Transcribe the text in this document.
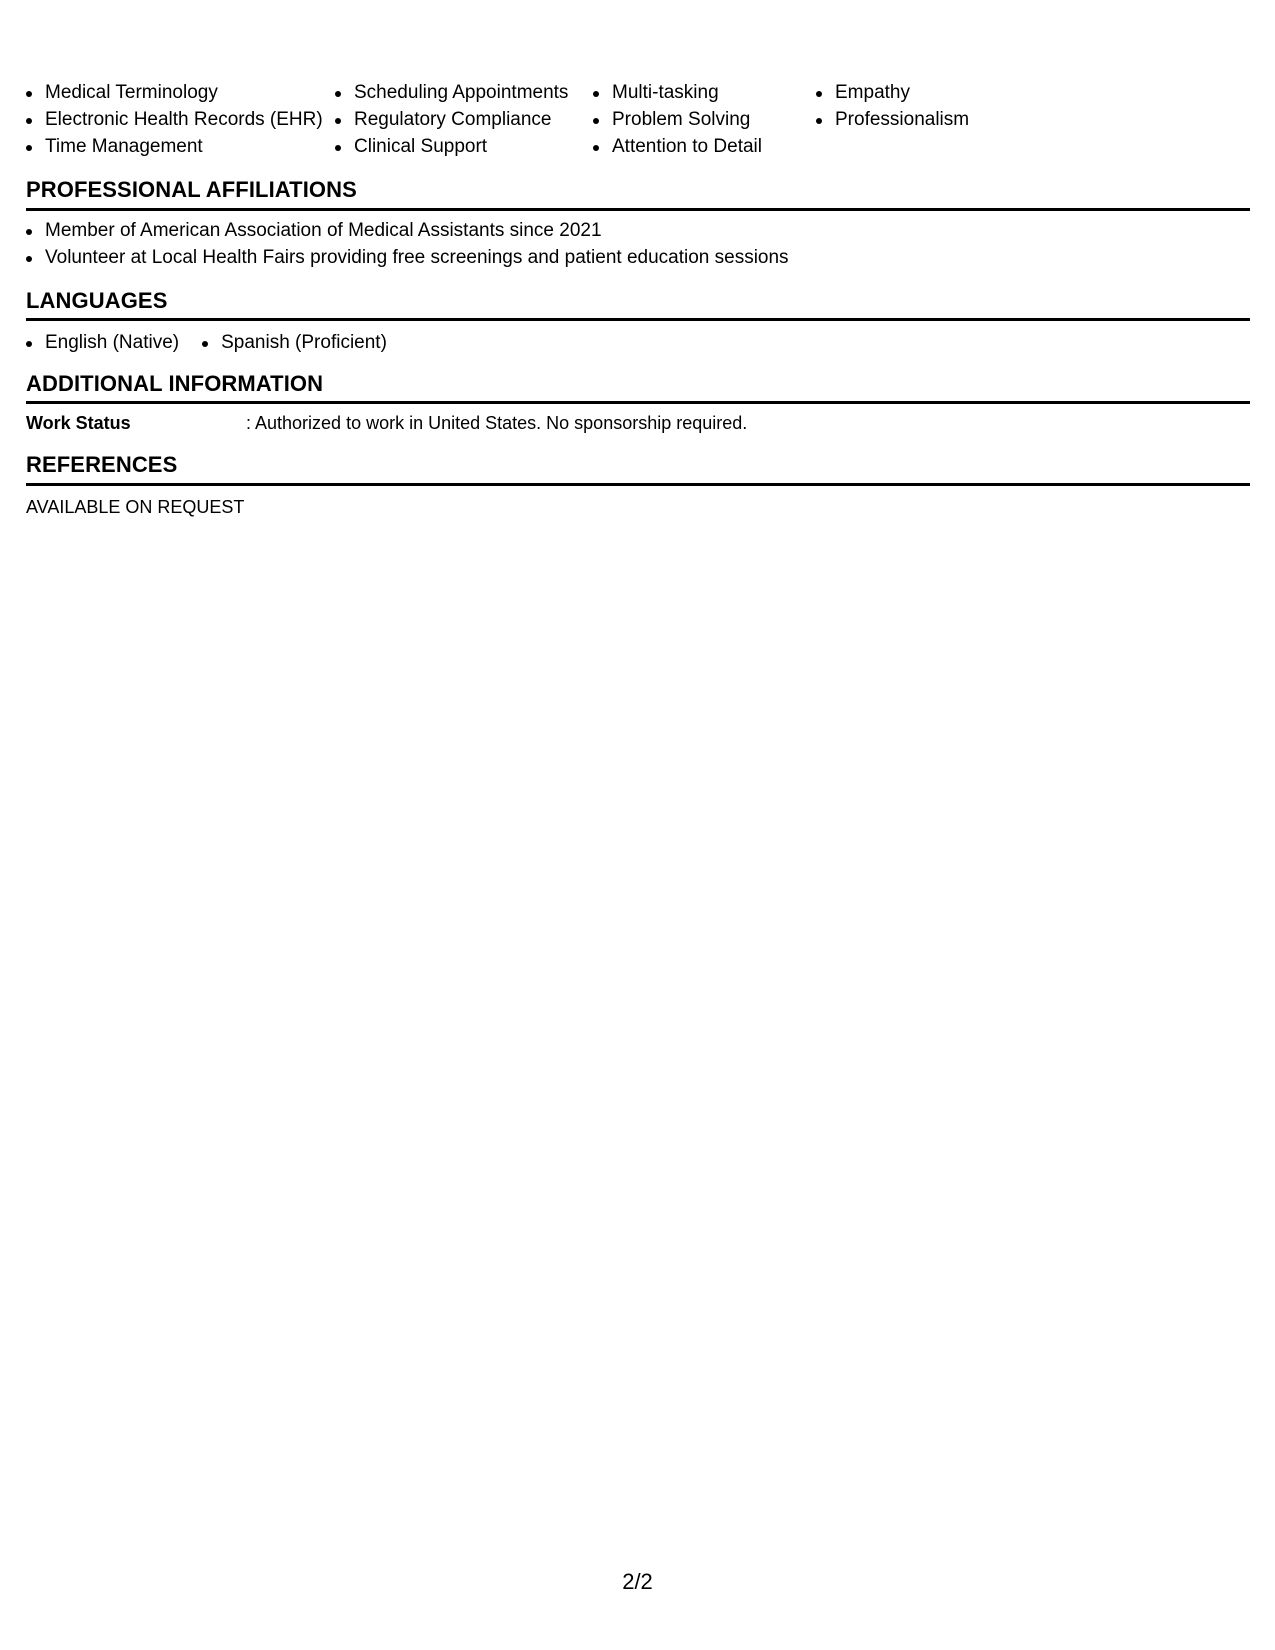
Medical Terminology
Electronic Health Records (EHR)
Time Management
Scheduling Appointments
Regulatory Compliance
Clinical Support
Multi-tasking
Problem Solving
Attention to Detail
Empathy
Professionalism
PROFESSIONAL AFFILIATIONS
Member of American Association of Medical Assistants since 2021
Volunteer at Local Health Fairs providing free screenings and patient education sessions
LANGUAGES
English (Native)	Spanish (Proficient)
ADDITIONAL INFORMATION
Work Status	: Authorized to work in United States. No sponsorship required.
REFERENCES
AVAILABLE ON REQUEST
2/2
